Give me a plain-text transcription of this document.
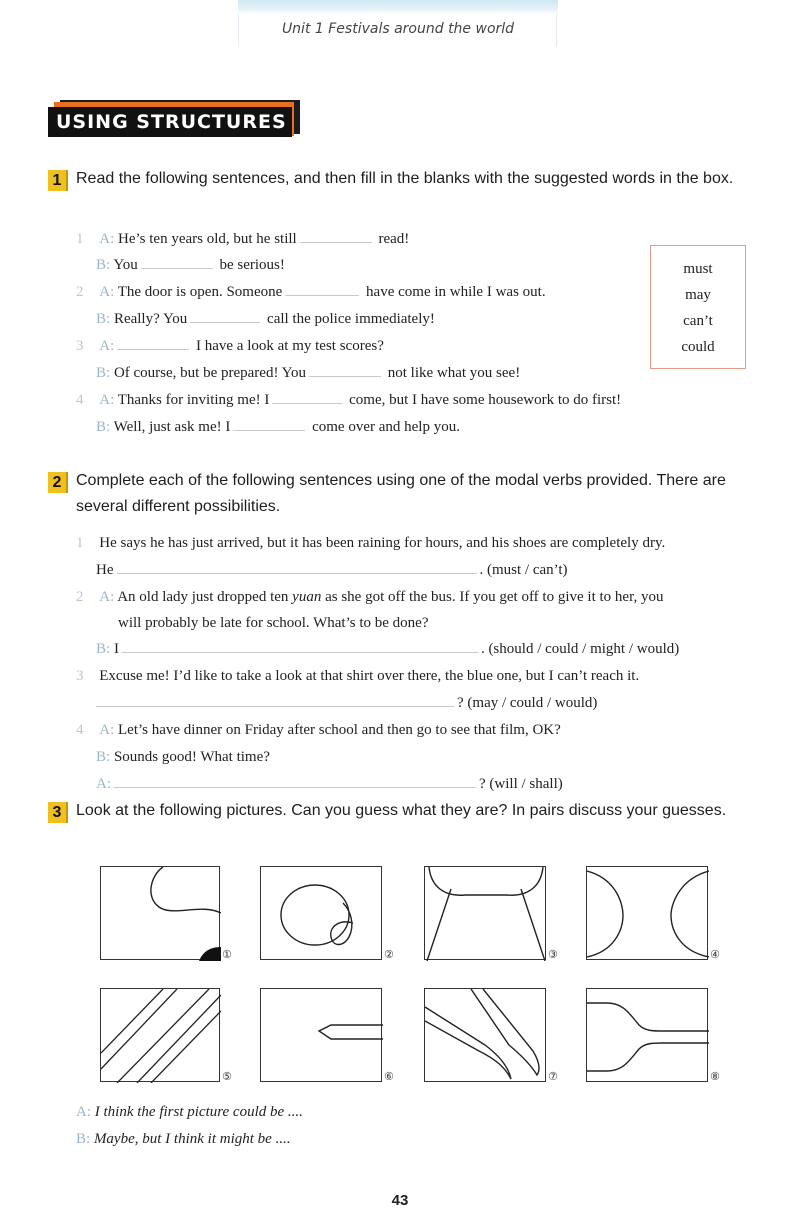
Unit 1 Festivals around the world
USING STRUCTURES
1 Read the following sentences, and then fill in the blanks with the suggested words in the box.
1 A: He’s ten years old, but he still	read!
B: You	be serious!
2 A: The door is open. Someone	have come in while I was out.
B: Really? You	call the police immediately!
3 A:	I have a look at my test scores?
B: Of course, but be prepared! You	not like what you see!
4 A: Thanks for inviting me! I	come, but I have some housework to do first!
B: Well, just ask me! I	come over and help you.
must
may
can’t
could
2 Complete each of the following sentences using one of the modal verbs provided. There are several different possibilities.
1 He says he has just arrived, but it has been raining for hours, and his shoes are completely dry.
He	. (must / can’t)
2 A: An old lady just dropped ten yuan as she got off the bus. If you get off to give it to her, you
will probably be late for school. What’s to be done?
B: I	. (should / could / might / would)
3 Excuse me! I’d like to take a look at that shirt over there, the blue one, but I can’t reach it.
? (may / could / would)
4 A: Let’s have dinner on Friday after school and then go to see that film, OK?
B: Sounds good! What time?
A:	? (will / shall)
3 Look at the following pictures. Can you guess what they are? In pairs discuss your guesses.
①	②	③	④
⑤	⑥	⑦	⑧
A: I think the first picture could be ....
B: Maybe, but I think it might be ....
43
